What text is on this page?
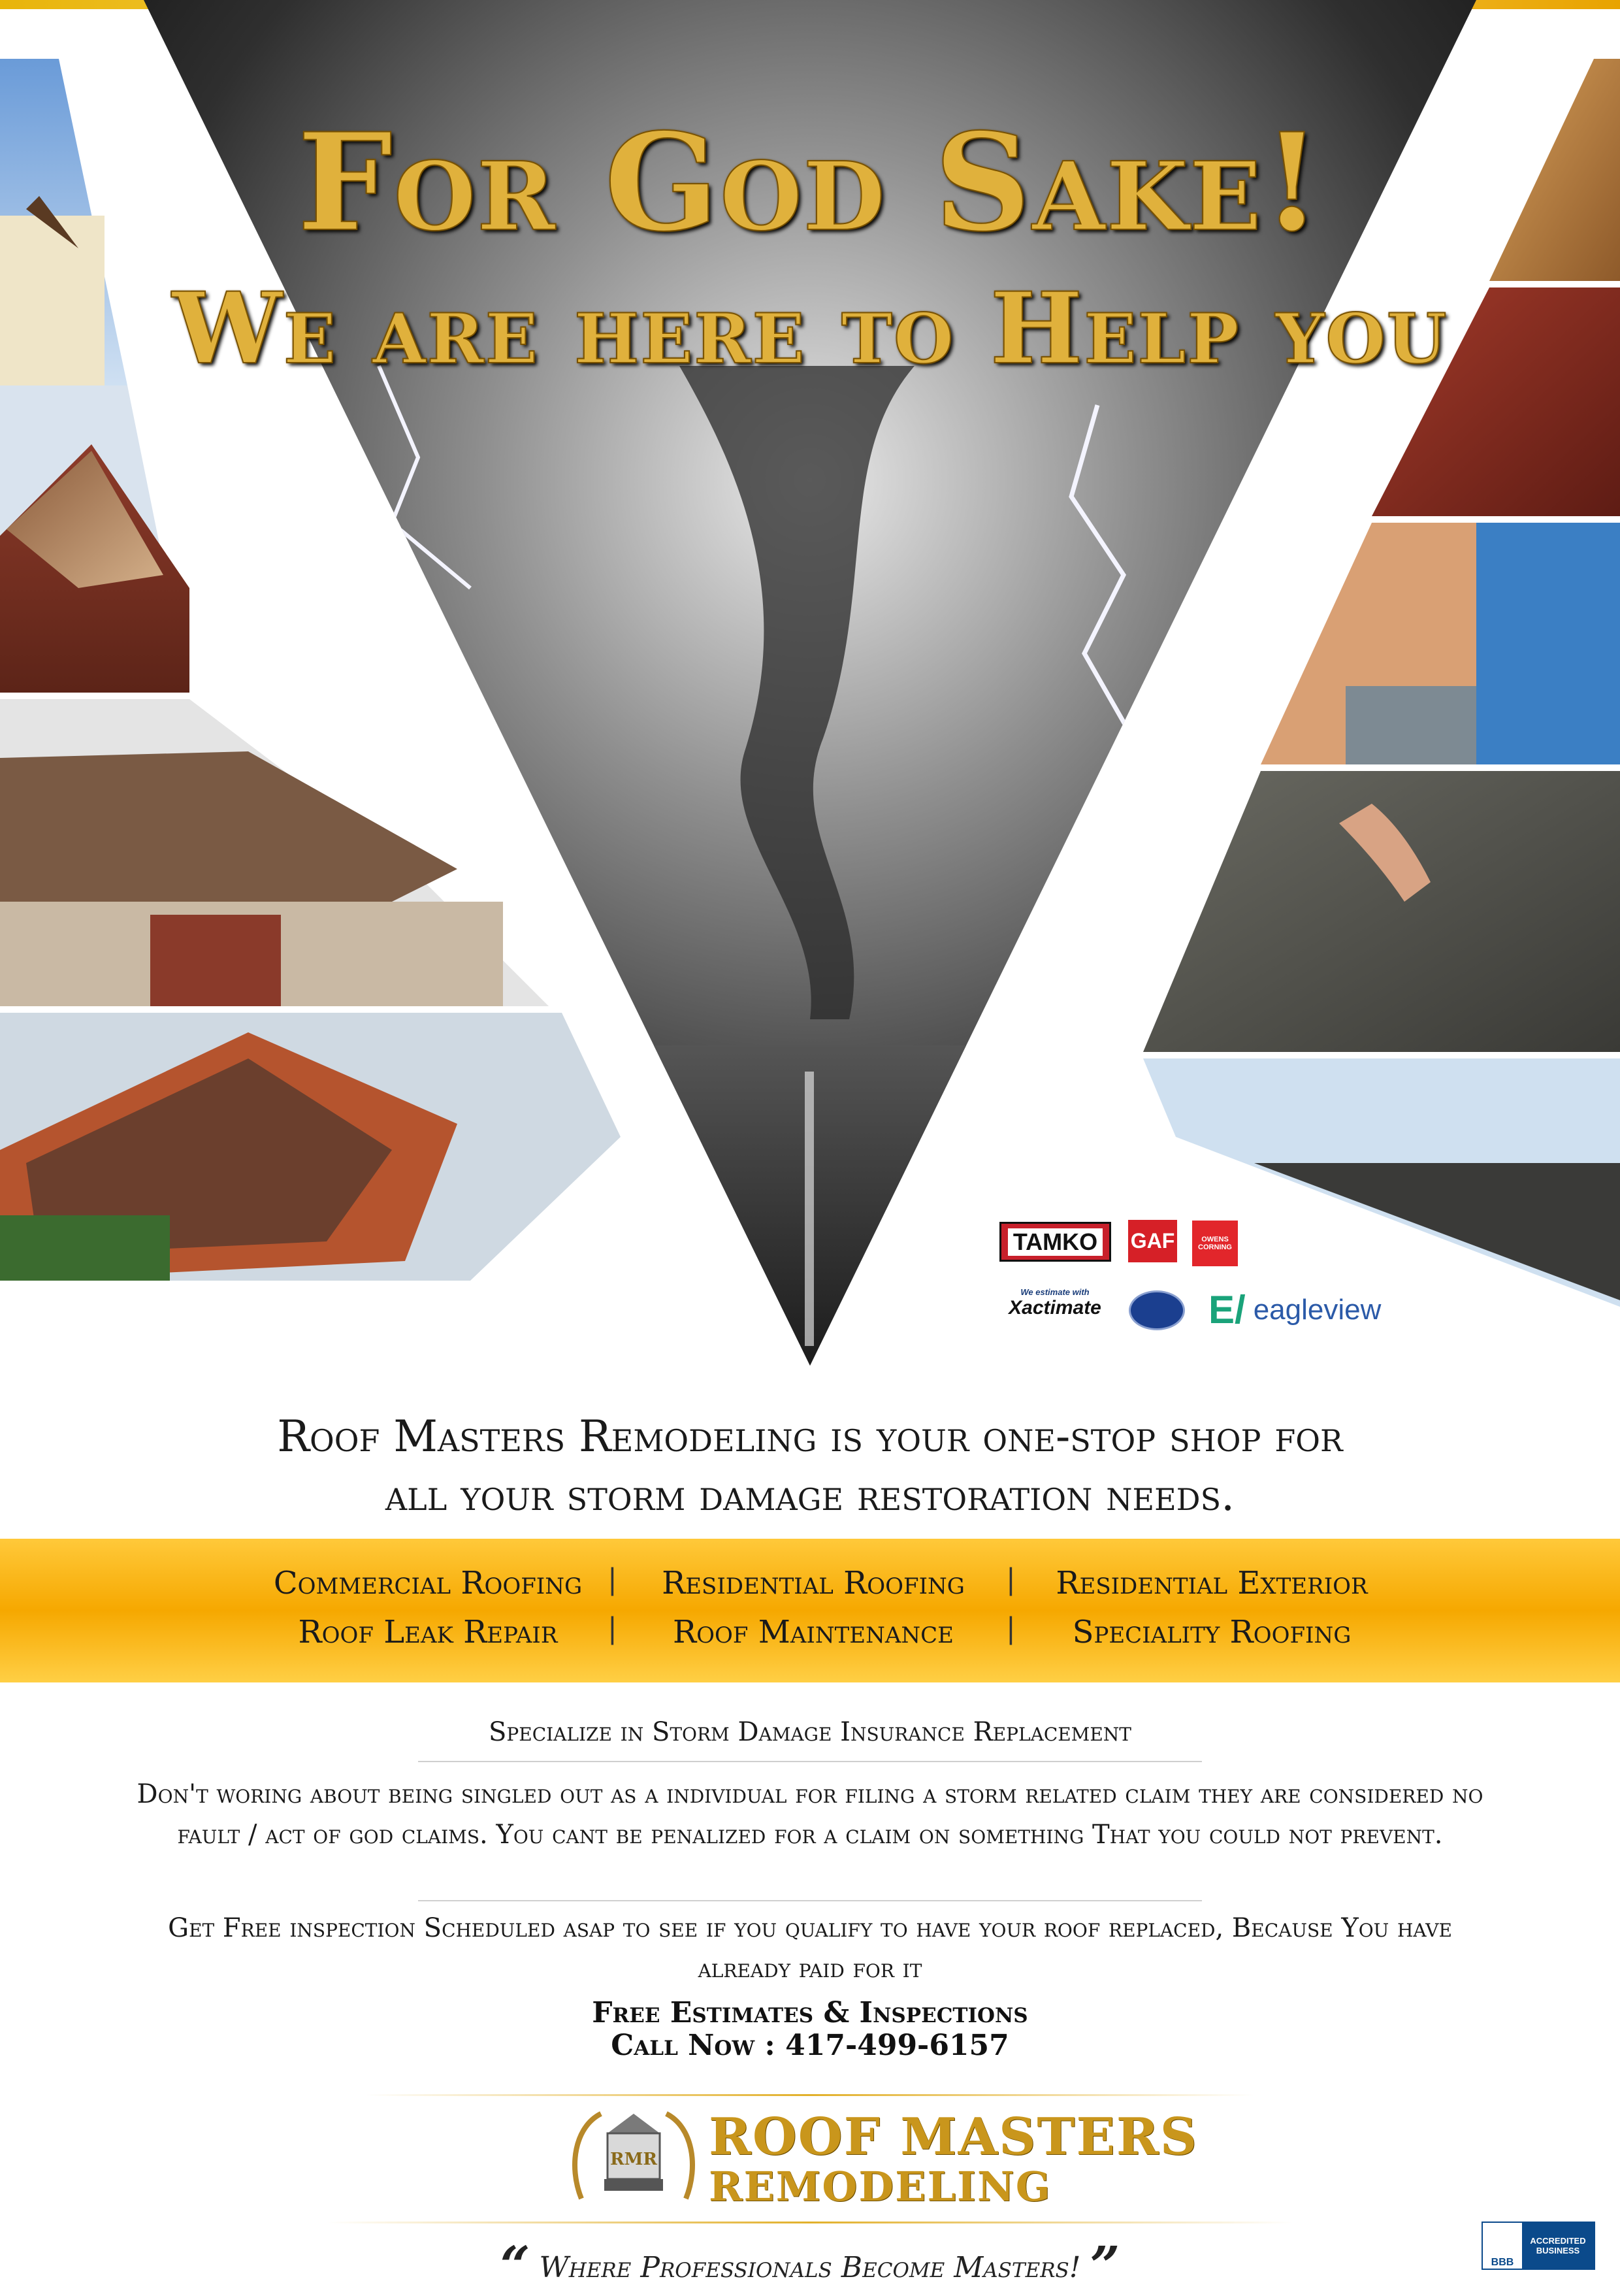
For God Sake!
We are here to Help you
TAMKO GAF	OWENS CORNING
We estimate with
Xactimate	E/ eagleview
Roof Masters Remodeling is your one-stop shop for
all your storm damage restoration needs.
Commercial Roofing |	Residential Roofing	|	Residential Exterior
Roof Leak Repair	|	Roof Maintenance	|	Speciality Roofing
Specialize in Storm Damage Insurance Replacement
Don't woring about being singled out as a individual for filing a storm related claim they are considered no fault / act of god claims. You cant be penalized for a claim on something That you could not prevent.
Get Free inspection Scheduled asap to see if you qualify to have your roof replaced, Because You have already paid for it
Free Estimates & Inspections
Call Now : 417-499-6157
RMR ROOF MASTERS
REMODELING
“ Where Professionals Become Masters! ”	BBB
ACCREDITED BUSINESS
